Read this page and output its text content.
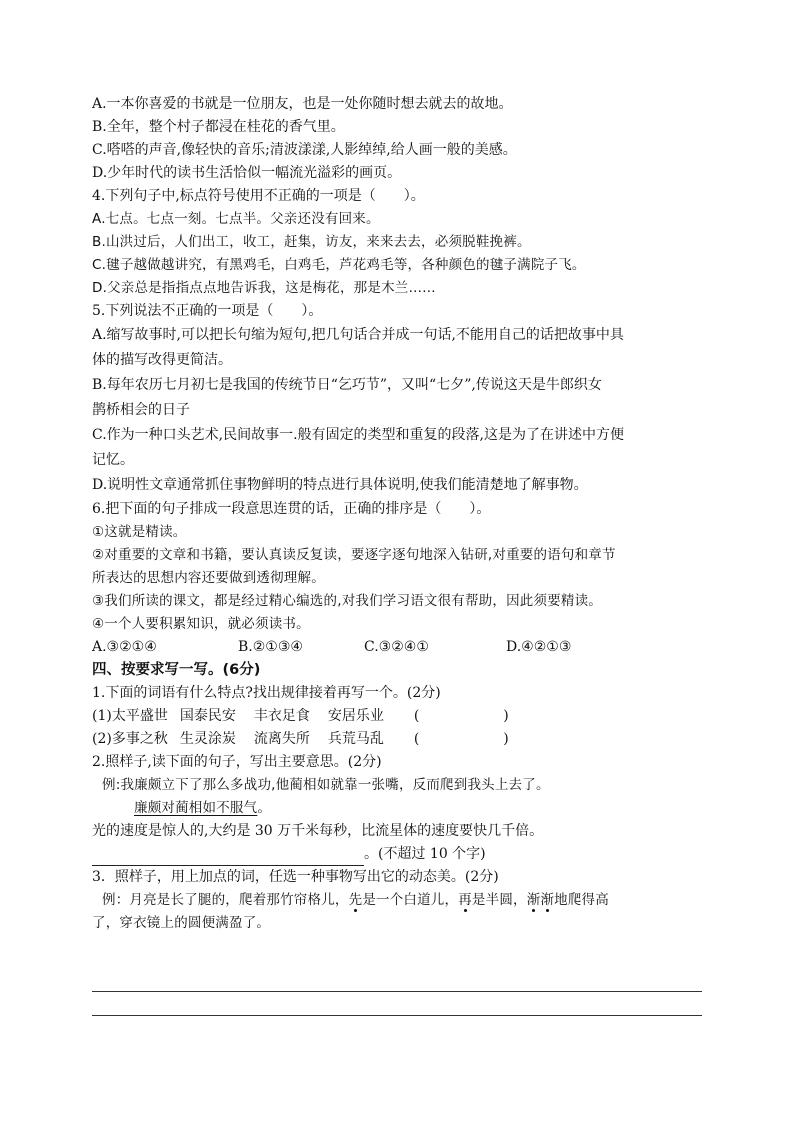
A.一本你喜爱的书就是一位朋友，也是一处你随时想去就去的故地。
B.全年，整个村子都浸在桂花的香气里。
C.嗒嗒的声音,像轻快的音乐;清波漾漾,人影绰绰,给人画一般的美感。
D.少年时代的读书生活恰似一幅流光溢彩的画页。
4.下列句子中,标点符号使用不正确的一项是（　　）。
A.七点。七点一刻。七点半。父亲还没有回来。
B.山洪过后，人们出工，收工，赶集，访友，来来去去，必须脱鞋挽裤。
C.毽子越做越讲究，有黑鸡毛，白鸡毛，芦花鸡毛等，各种颜色的毽子满院子飞。
D.父亲总是指指点点地告诉我，这是梅花，那是木兰……
5.下列说法不正确的一项是（　　）。
A.缩写故事时,可以把长句缩为短句,把几句话合并成一句话,不能用自己的话把故事中具
体的描写改得更简洁。
B.每年农历七月初七是我国的传统节日“乞巧节”，又叫“七夕”,传说这天是牛郎织女
鹊桥相会的日子
C.作为一种口头艺术,民间故事一.般有固定的类型和重复的段落,这是为了在讲述中方便
记忆。
D.说明性文章通常抓住事物鲜明的特点进行具体说明,使我们能清楚地了解事物。
6.把下面的句子排成一段意思连贯的话，正确的排序是（　　）。
①这就是精读。
②对重要的文章和书籍，要认真读反复读，要逐字逐句地深入钻研,对重要的语句和章节
所表达的思想内容还要做到透彻理解。
③我们所读的课文，都是经过精心编选的,对我们学习语文很有帮助，因此须要精读。
④一个人要积累知识，就必须读书。
A.③②①④	B.②①③④	C.③②④①	D.④②①③
四、按要求写一写。(6分)
1.下面的词语有什么特点?找出规律接着再写一个。(2分)
(1)太平盛世 国泰民安 丰衣足食 安居乐业 (　　　　　　)
(2)多事之秋 生灵涂炭 流离失所 兵荒马乱 (　　　　　　)
2.照样子,读下面的句子，写出主要意思。(2分)
例:我廉颇立下了那么多战功,他蔺相如就靠一张嘴，反而爬到我头上去了。
廉颇对蔺相如不服气。
光的速度是惊人的,大约是 30 万千米每秒，比流星体的速度要快几千倍。
。(不超过 10 个字)
3．照样子，用上加点的词，任选一种事物写出它的动态美。(2分)
例：月亮是长了腿的，爬着那竹帘格儿，先是一个白道儿，再是半圆，渐渐地爬得高
了，穿衣镜上的圆便满盈了。
